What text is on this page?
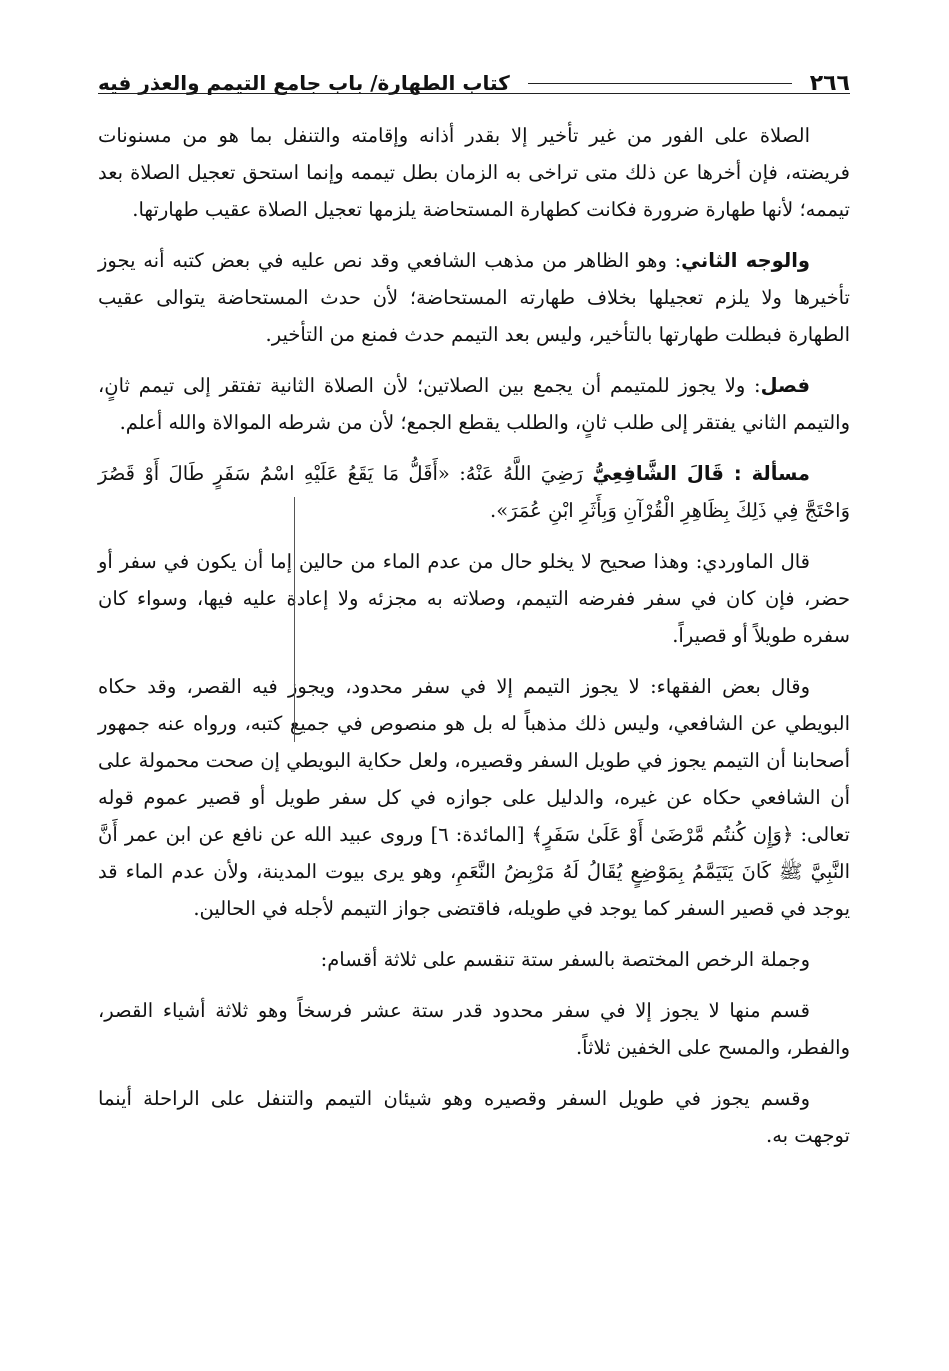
٢٦٦
كتاب الطهارة/ باب جامع التيمم والعذر فيه

الصلاة على الفور من غير تأخير إلا بقدر أذانه وإقامته والتنفل بما هو من مسنونات فريضته، فإن أخرها عن ذلك متى تراخى به الزمان بطل تيممه وإنما استحق تعجيل الصلاة بعد تيممه؛ لأنها طهارة ضرورة فكانت كطهارة المستحاضة يلزمها تعجيل الصلاة عقيب طهارتها.

والوجه الثاني: وهو الظاهر من مذهب الشافعي وقد نص عليه في بعض كتبه أنه يجوز تأخيرها ولا يلزم تعجيلها بخلاف طهارته المستحاضة؛ لأن حدث المستحاضة يتوالى عقيب الطهارة فبطلت طهارتها بالتأخير، وليس بعد التيمم حدث فمنع من التأخير.

فصل: ولا يجوز للمتيمم أن يجمع بين الصلاتين؛ لأن الصلاة الثانية تفتقر إلى تيمم ثانٍ، والتيمم الثاني يفتقر إلى طلب ثانٍ، والطلب يقطع الجمع؛ لأن من شرطه الموالاة والله أعلم.

مسألة : قَالَ الشَّافِعِيُّ رَضِيَ اللَّهُ عَنْهُ: «أَقَلُّ مَا يَقَعُ عَلَيْهِ اسْمُ سَفَرٍ طَالَ أَوْ قَصُرَ وَاحْتَجَّ فِي ذَلِكَ بِظَاهِرِ الْقُرْآنِ وَبِأَثَرِ ابْنِ عُمَرَ».

قال الماوردي: وهذا صحيح لا يخلو حال من عدم الماء من حالين إما أن يكون في سفر أو حضر، فإن كان في سفر ففرضه التيمم، وصلاته به مجزئه ولا إعادة عليه فيها، وسواء كان سفره طويلاً أو قصيراً.

وقال بعض الفقهاء: لا يجوز التيمم إلا في سفر محدود، ويجوز فيه القصر، وقد حكاه البويطي عن الشافعي، وليس ذلك مذهباً له بل هو منصوص في جميع كتبه، ورواه عنه جمهور أصحابنا أن التيمم يجوز في طويل السفر وقصيره، ولعل حكاية البويطي إن صحت محمولة على أن الشافعي حكاه عن غيره، والدليل على جوازه في كل سفر طويل أو قصير عموم قوله تعالى: ﴿وَإِن كُنتُم مَّرْضَىٰ أَوْ عَلَىٰ سَفَرٍ﴾ [المائدة: ٦] وروى عبيد الله عن نافع عن ابن عمر أَنَّ النَّبِيَّ ﷺ كَانَ يَتَيَمَّمُ بِمَوْضِعٍ يُقَالُ لَهُ مَرْبِضُ النَّعَمِ، وهو يرى بيوت المدينة، ولأن عدم الماء قد يوجد في قصير السفر كما يوجد في طويله، فاقتضى جواز التيمم لأجله في الحالين.

وجملة الرخص المختصة بالسفر ستة تنقسم على ثلاثة أقسام:

قسم منها لا يجوز إلا في سفر محدود قدر ستة عشر فرسخاً وهو ثلاثة أشياء القصر، والفطر، والمسح على الخفين ثلاثاً.

وقسم يجوز في طويل السفر وقصيره وهو شيئان التيمم والتنفل على الراحلة أينما توجهت به.
